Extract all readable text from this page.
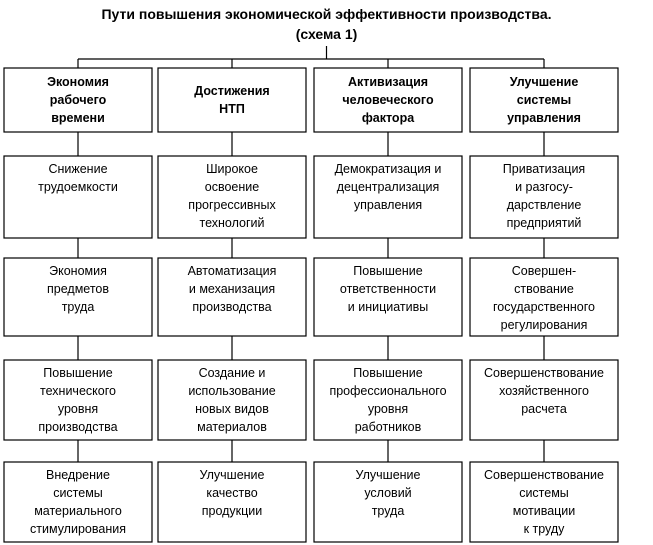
Пути повышения экономической эффективности производства.
(схема 1)
Экономия
рабочего
времени
Снижение
трудоемкости
Экономия
предметов
труда
Повышение
технического
уровня
производства
Внедрение
системы
материального
стимулирования
Достижения
НТП
Широкое
освоение
прогрессивных
технологий
Автоматизация
и механизация
производства
Создание и
использование
новых видов
материалов
Улучшение
качество
продукции
Активизация
человеческого
фактора
Демократизация и
децентрализация
управления
Повышение
ответственности
и инициативы
Повышение
профессионального
уровня
работников
Улучшение
условий
труда
Улучшение
системы
управления
Приватизация
и разгосу-
дарствление
предприятий
Совершен-
ствование
государственного
регулирования
Совершенствование
хозяйственного
расчета
Совершенствование
системы
мотивации
к труду
